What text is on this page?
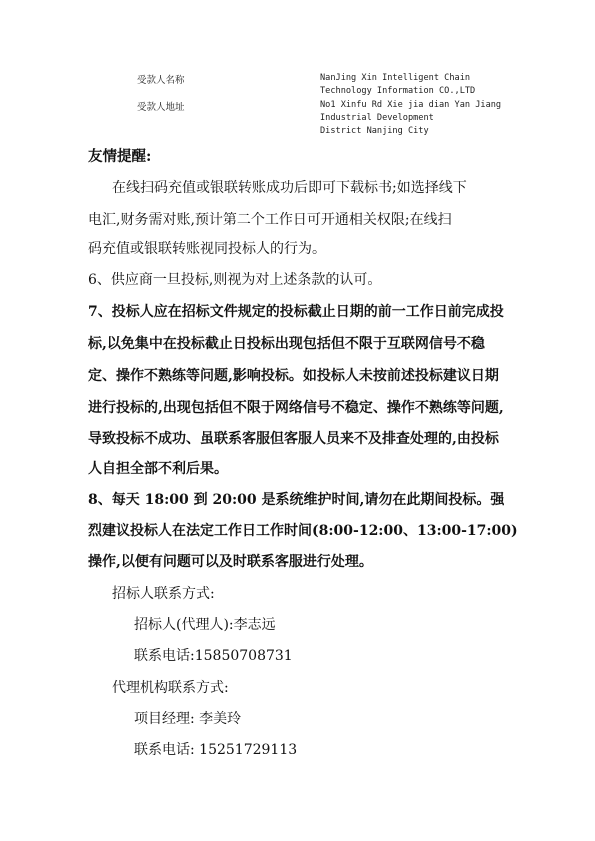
受款人名称	NanJing Xin Intelligent Chain
Technology Information CO.,LTD
受款人地址	No1 Xinfu Rd Xie jia dian Yan Jiang
Industrial Development
District Nanjing City
友情提醒:
在线扫码充值或银联转账成功后即可下载标书;如选择线下
电汇,财务需对账,预计第二个工作日可开通相关权限;在线扫
码充值或银联转账视同投标人的行为。
6、供应商一旦投标,则视为对上述条款的认可。
7、投标人应在招标文件规定的投标截止日期的前一工作日前完成投
标,以免集中在投标截止日投标出现包括但不限于互联网信号不稳
定、操作不熟练等问题,影响投标。如投标人未按前述投标建议日期
进行投标的,出现包括但不限于网络信号不稳定、操作不熟练等问题,
导致投标不成功、虽联系客服但客服人员来不及排查处理的,由投标
人自担全部不利后果。
8、每天 18:00 到 20:00 是系统维护时间,请勿在此期间投标。强
烈建议投标人在法定工作日工作时间(8:00-12:00、13:00-17:00)
操作,以便有问题可以及时联系客服进行处理。
招标人联系方式:
招标人(代理人):李志远
联系电话:15850708731
代理机构联系方式:
项目经理: 李美玲
联系电话: 15251729113
